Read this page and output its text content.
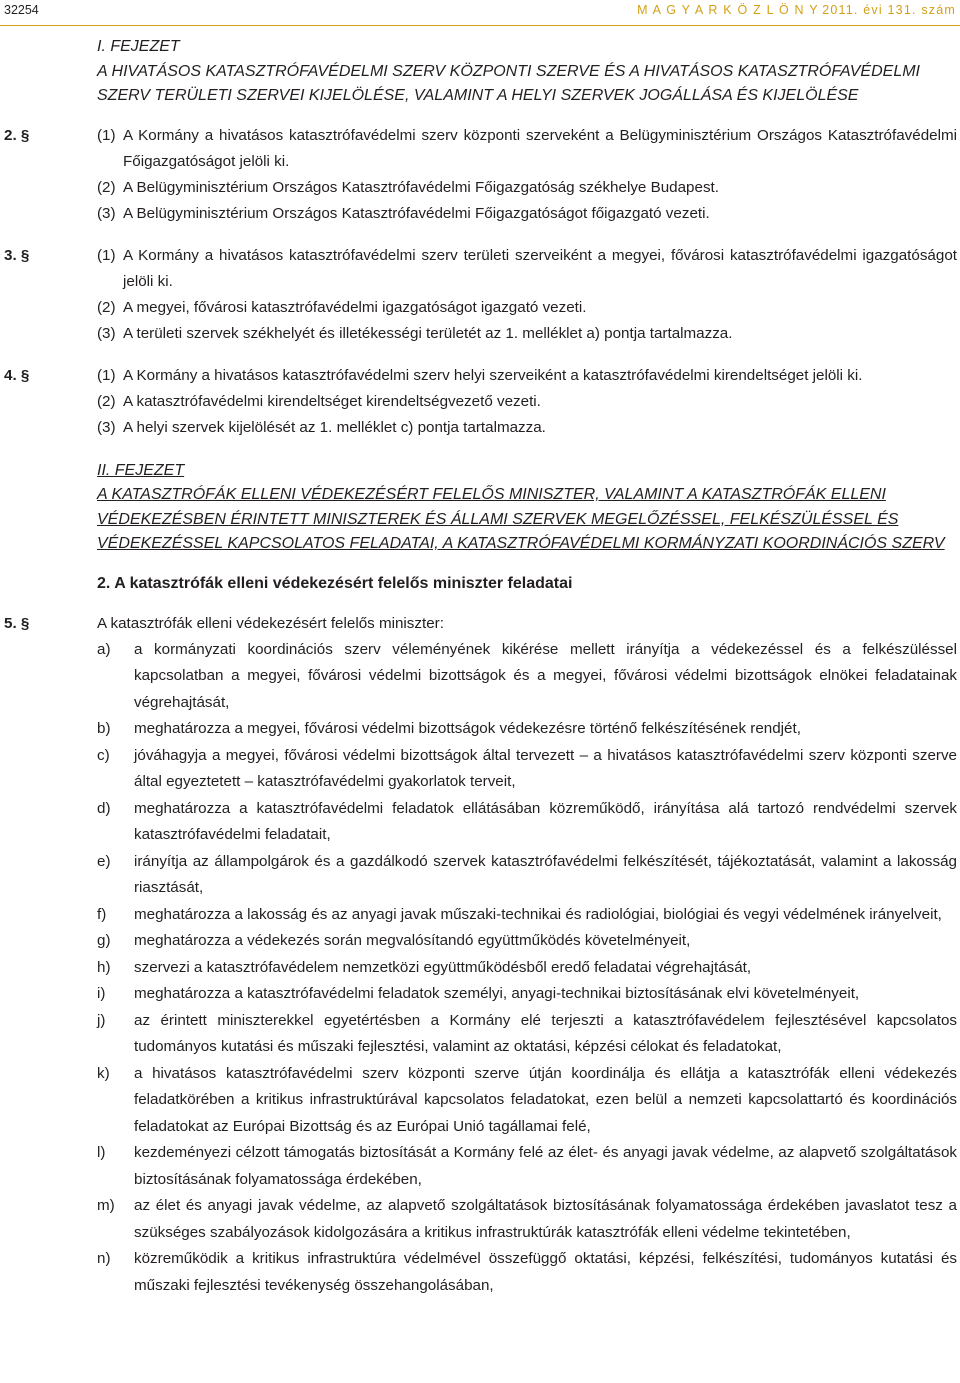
32254	M A G Y A R K Ö Z L Ö N Y 2011. évi 131. szám
I. FEJEZET
A HIVATÁSOS KATASZTRÓFAVÉDELMI SZERV KÖZPONTI SZERVE ÉS A HIVATÁSOS KATASZTRÓFAVÉDELMI
SZERV TERÜLETI SZERVEI KIJELÖLÉSE, VALAMINT A HELYI SZERVEK JOGÁLLÁSA ÉS KIJELÖLÉSE
2. §	(1) A Kormány a hivatásos katasztrófavédelmi szerv központi szerveként a Belügyminisztérium Országos Katasztrófavédelmi Főigazgatóságot jelöli ki.
(2) A Belügyminisztérium Országos Katasztrófavédelmi Főigazgatóság székhelye Budapest.
(3) A Belügyminisztérium Országos Katasztrófavédelmi Főigazgatóságot főigazgató vezeti.
3. §	(1) A Kormány a hivatásos katasztrófavédelmi szerv területi szerveiként a megyei, fővárosi katasztrófavédelmi igazgatóságot jelöli ki.
(2) A megyei, fővárosi katasztrófavédelmi igazgatóságot igazgató vezeti.
(3) A területi szervek székhelyét és illetékességi területét az 1. melléklet a) pontja tartalmazza.
4. §	(1) A Kormány a hivatásos katasztrófavédelmi szerv helyi szerveiként a katasztrófavédelmi kirendeltséget jelöli ki.
(2) A katasztrófavédelmi kirendeltséget kirendeltségvezető vezeti.
(3) A helyi szervek kijelölését az 1. melléklet c) pontja tartalmazza.
II. FEJEZET
A KATASZTRÓFÁK ELLENI VÉDEKEZÉSÉRT FELELŐS MINISZTER, VALAMINT A KATASZTRÓFÁK ELLENI
VÉDEKEZÉSBEN ÉRINTETT MINISZTEREK ÉS ÁLLAMI SZERVEK MEGELŐZÉSSEL, FELKÉSZÜLÉSSEL ÉS
VÉDEKEZÉSSEL KAPCSOLATOS FELADATAI, A KATASZTRÓFAVÉDELMI KORMÁNYZATI KOORDINÁCIÓS SZERV
2. A katasztrófák elleni védekezésért felelős miniszter feladatai
5. §	A katasztrófák elleni védekezésért felelős miniszter:
a)	a kormányzati koordinációs szerv véleményének kikérése mellett irányítja a védekezéssel és a felkészüléssel kapcsolatban a megyei, fővárosi védelmi bizottságok és a megyei, fővárosi védelmi bizottságok elnökei feladatainak végrehajtását,
b)	meghatározza a megyei, fővárosi védelmi bizottságok védekezésre történő felkészítésének rendjét,
c)	jóváhagyja a megyei, fővárosi védelmi bizottságok által tervezett – a hivatásos katasztrófavédelmi szerv központi szerve által egyeztetett – katasztrófavédelmi gyakorlatok terveit,
d)	meghatározza a katasztrófavédelmi feladatok ellátásában közreműködő, irányítása alá tartozó rendvédelmi szervek katasztrófavédelmi feladatait,
e)	irányítja az állampolgárok és a gazdálkodó szervek katasztrófavédelmi felkészítését, tájékoztatását, valamint a lakosság riasztását,
f)	meghatározza a lakosság és az anyagi javak műszaki-technikai és radiológiai, biológiai és vegyi védelmének irányelveit,
g)	meghatározza a védekezés során megvalósítandó együttműködés követelményeit,
h)	szervezi a katasztrófavédelem nemzetközi együttműködésből eredő feladatai végrehajtását,
i)	meghatározza a katasztrófavédelmi feladatok személyi, anyagi-technikai biztosításának elvi követelményeit,
j)	az érintett miniszterekkel egyetértésben a Kormány elé terjeszti a katasztrófavédelem fejlesztésével kapcsolatos tudományos kutatási és műszaki fejlesztési, valamint az oktatási, képzési célokat és feladatokat,
k)	a hivatásos katasztrófavédelmi szerv központi szerve útján koordinálja és ellátja a katasztrófák elleni védekezés feladatkörében a kritikus infrastruktúrával kapcsolatos feladatokat, ezen belül a nemzeti kapcsolattartó és koordinációs feladatokat az Európai Bizottság és az Európai Unió tagállamai felé,
l)	kezdeményezi célzott támogatás biztosítását a Kormány felé az élet- és anyagi javak védelme, az alapvető szolgáltatások biztosításának folyamatossága érdekében,
m)	az élet és anyagi javak védelme, az alapvető szolgáltatások biztosításának folyamatossága érdekében javaslatot tesz a szükséges szabályozások kidolgozására a kritikus infrastruktúrák katasztrófák elleni védelme tekintetében,
n)	közreműködik a kritikus infrastruktúra védelmével összefüggő oktatási, képzési, felkészítési, tudományos kutatási és műszaki fejlesztési tevékenység összehangolásában,
